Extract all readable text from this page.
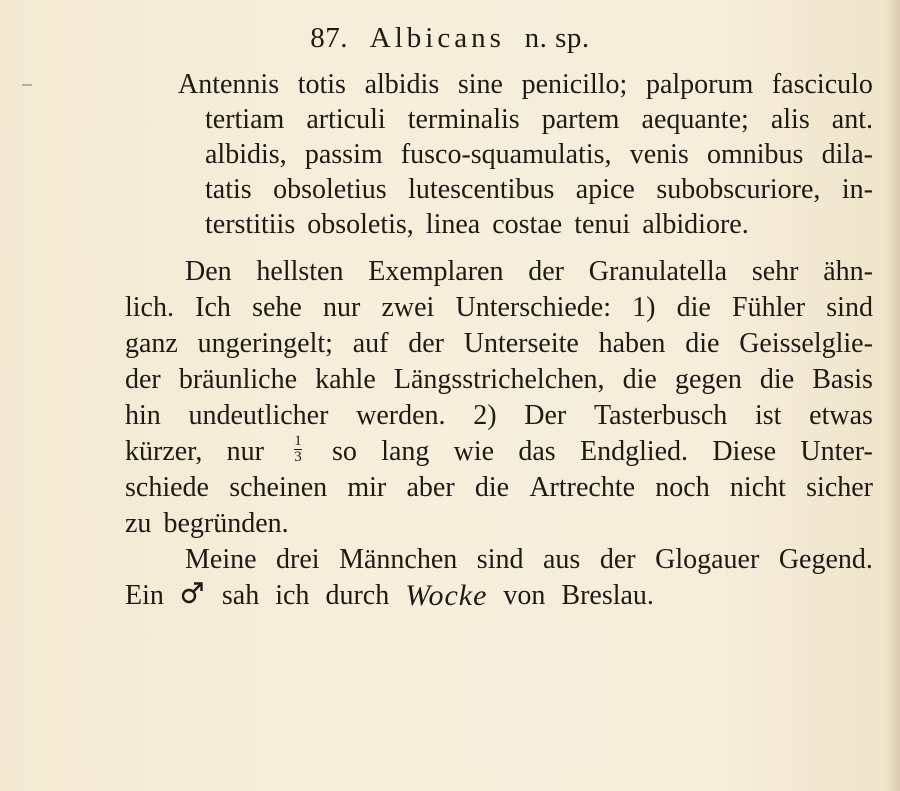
87. Albicans n. sp.
Antennis totis albidis sine penicillo; palporum fasciculo
tertiam articuli terminalis partem aequante; alis ant.
albidis, passim fusco-squamulatis, venis omnibus dila-
tatis obsoletius lutescentibus apice subobscuriore, in-
terstitiis obsoletis, linea costae tenui albidiore.
Den hellsten Exemplaren der Granulatella sehr ähn-
lich. Ich sehe nur zwei Unterschiede: 1) die Fühler sind
ganz ungeringelt; auf der Unterseite haben die Geisselglie-
der bräunliche kahle Längsstrichelchen, die gegen die Basis
hin undeutlicher werden. 2) Der Tasterbusch ist etwas
kürzer, nur $\frac{1}{3}$ so lang wie das Endglied. Diese Unter-
schiede scheinen mir aber die Artrechte noch nicht sicher
zu begründen.
Meine drei Männchen sind aus der Glogauer Gegend.
Ein sah ich durch Wocke von Breslau.
